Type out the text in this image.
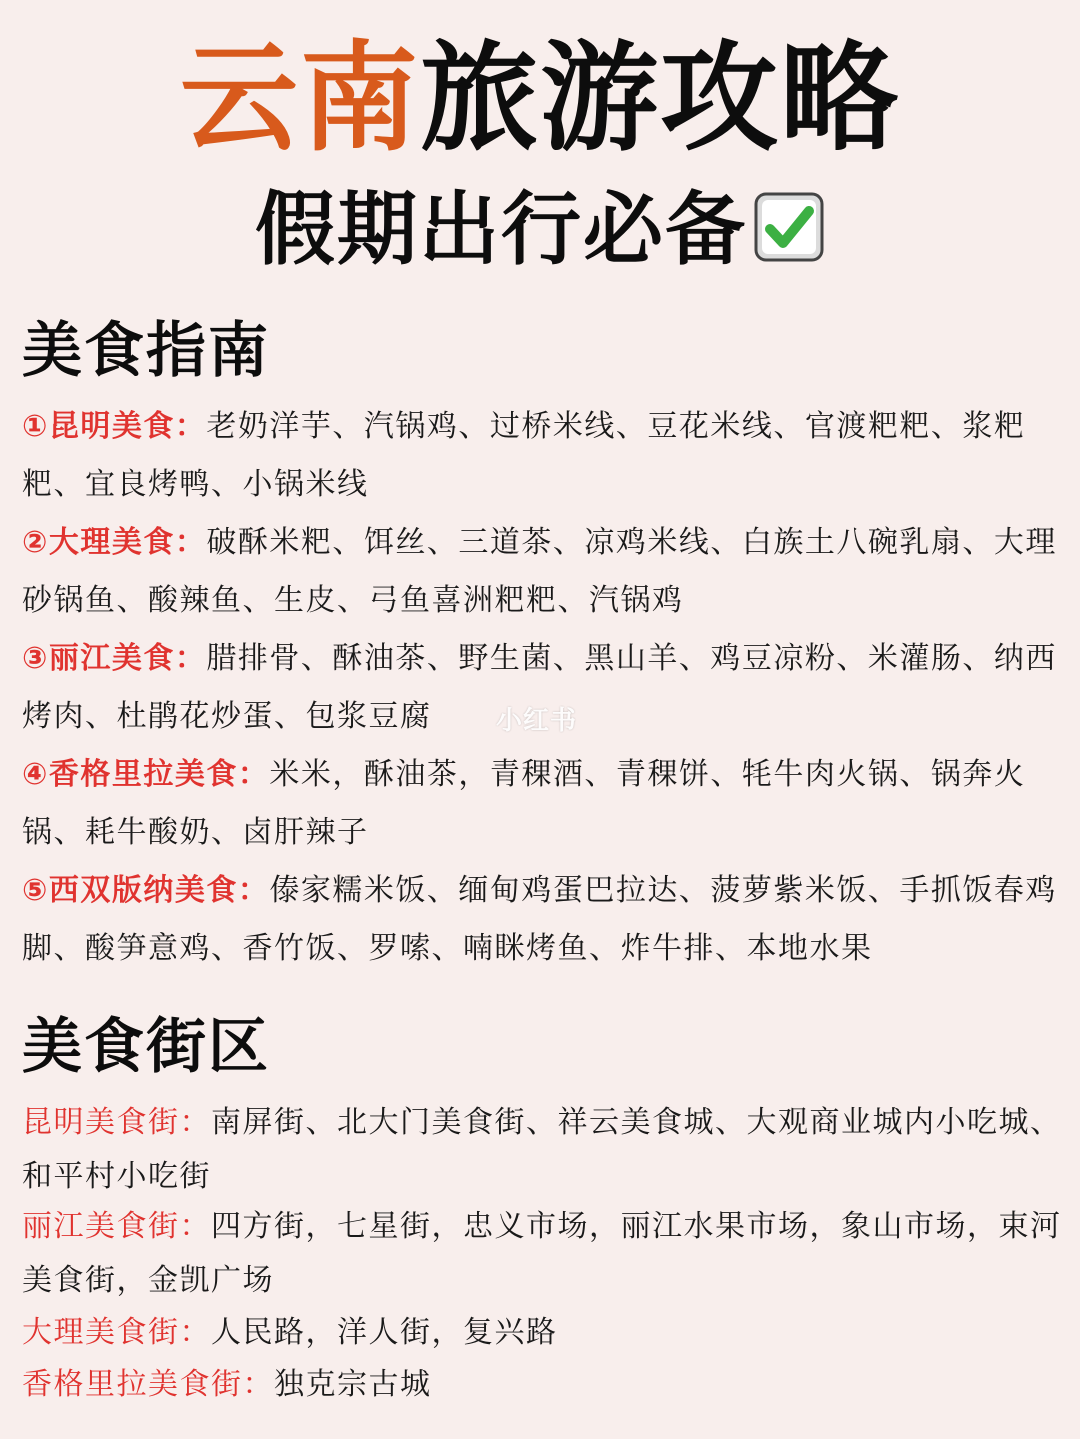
云南旅游攻略
假期出行必备
美食指南
①昆明美食：老奶洋芋、汽锅鸡、过桥米线、豆花米线、官渡粑粑、浆粑粑、宜良烤鸭、小锅米线
②大理美食：破酥米粑、饵丝、三道茶、凉鸡米线、白族土八碗乳扇、大理砂锅鱼、酸辣鱼、生皮、弓鱼喜洲粑粑、汽锅鸡
③丽江美食：腊排骨、酥油茶、野生菌、黑山羊、鸡豆凉粉、米灌肠、纳西烤肉、杜鹃花炒蛋、包浆豆腐
④香格里拉美食：米米，酥油茶，青稞酒、青稞饼、牦牛肉火锅、锅奔火锅、耗牛酸奶、卤肝辣子
⑤西双版纳美食：傣家糯米饭、缅甸鸡蛋巴拉达、菠萝紫米饭、手抓饭春鸡脚、酸笋意鸡、香竹饭、罗嗦、喃眯烤鱼、炸牛排、本地水果
小红书
美食街区
昆明美食街：南屏街、北大门美食街、祥云美食城、大观商业城内小吃城、和平村小吃街
丽江美食街：四方街，七星街，忠义市场，丽江水果市场，象山市场，束河美食街，金凯广场
大理美食街：人民路，洋人街，复兴路
香格里拉美食街：独克宗古城
